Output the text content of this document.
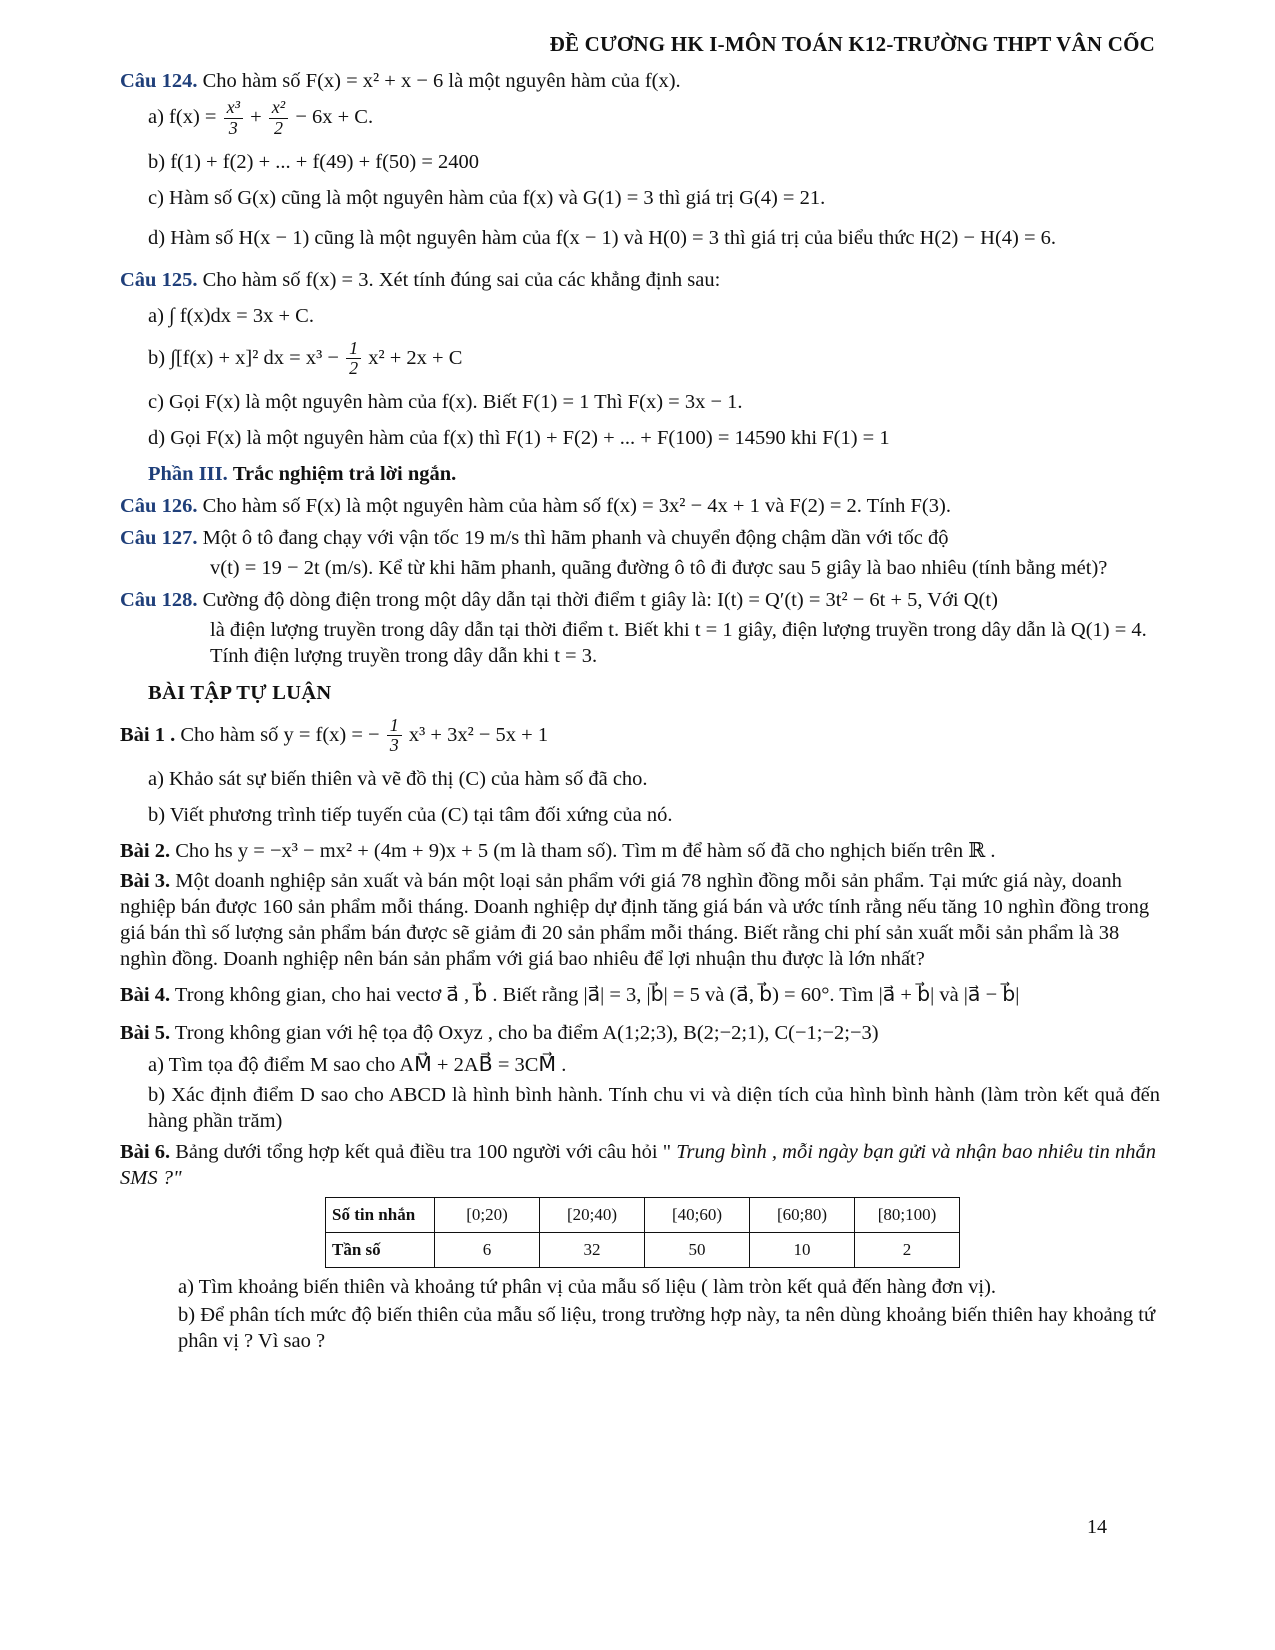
ĐỀ CƯƠNG HK I-MÔN TOÁN K12-TRƯỜNG THPT VÂN CỐC
Câu 124. Cho hàm số F(x) = x² + x − 6 là một nguyên hàm của f(x).
a) $f(x) = \frac{\text{x³}}{3} + \frac{\text{x²}}{2} - 6x + C$.
b) f(1) + f(2) + ... + f(49) + f(50) = 2400
c) Hàm số G(x) cũng là một nguyên hàm của f(x) và G(1) = 3 thì giá trị G(4) = 21.
d) Hàm số H(x − 1) cũng là một nguyên hàm của f(x − 1) và H(0) = 3 thì giá trị của biểu thức H(2) − H(4) = 6.
Câu 125. Cho hàm số f(x) = 3. Xét tính đúng sai của các khẳng định sau:
a) ∫ f(x)dx = 3x + C.
b) ∫[f(x) + x]² dx = $x^3 - \frac{1}{2} x^2 + 2x + C$
c) Gọi F(x) là một nguyên hàm của f(x). Biết F(1) = 1 Thì F(x) = 3x − 1.
d) Gọi F(x) là một nguyên hàm của f(x) thì F(1) + F(2) + ... + F(100) = 14590 khi F(1) = 1
Phần III. Trắc nghiệm trả lời ngắn.
Câu 126. Cho hàm số F(x) là một nguyên hàm của hàm số f(x) = 3x² − 4x + 1 và F(2) = 2. Tính F(3).
Câu 127. Một ô tô đang chạy với vận tốc 19 m/s thì hãm phanh và chuyển động chậm dần với tốc độ
v(t) = 19 − 2t (m/s). Kể từ khi hãm phanh, quãng đường ô tô đi được sau 5 giây là bao nhiêu (tính bằng mét)?
Câu 128. Cường độ dòng điện trong một dây dẫn tại thời điểm t giây là: I(t) = Q′(t) = 3t² − 6t + 5, Với Q(t)
là điện lượng truyền trong dây dẫn tại thời điểm t. Biết khi t = 1 giây, điện lượng truyền trong dây dẫn là Q(1) = 4. Tính điện lượng truyền trong dây dẫn khi t = 3.
BÀI TẬP TỰ LUẬN
Bài 1 . Cho hàm số y = f(x) = − $\frac{1}{3} x^3 + 3x^2 - 5x + 1$
a) Khảo sát sự biến thiên và vẽ đồ thị (C) của hàm số đã cho.
b) Viết phương trình tiếp tuyến của (C) tại tâm đối xứng của nó.
Bài 2. Cho hs y = −x³ − mx² + (4m + 9)x + 5 (m là tham số). Tìm m để hàm số đã cho nghịch biến trên ℝ .
Bài 3. Một doanh nghiệp sản xuất và bán một loại sản phẩm với giá 78 nghìn đồng mỗi sản phẩm. Tại mức giá này, doanh nghiệp bán được 160 sản phẩm mỗi tháng. Doanh nghiệp dự định tăng giá bán và ước tính rằng nếu tăng 10 nghìn đồng trong giá bán thì số lượng sản phẩm bán được sẽ giảm đi 20 sản phẩm mỗi tháng. Biết rằng chi phí sản xuất mỗi sản phẩm là 38 nghìn đồng. Doanh nghiệp nên bán sản phẩm với giá bao nhiêu để lợi nhuận thu được là lớn nhất?
Bài 4. Trong không gian, cho hai vectơ a⃗ , b⃗ . Biết rằng |a⃗| = 3, |b⃗| = 5 và (a⃗, b⃗) = 60°. Tìm |a⃗ + b⃗| và |a⃗ − b⃗|
Bài 5. Trong không gian với hệ tọa độ Oxyz , cho ba điểm A(1;2;3), B(2;−2;1), C(−1;−2;−3)
a) Tìm tọa độ điểm M sao cho AM⃗ + 2AB⃗ = 3CM⃗ .
b) Xác định điểm D sao cho ABCD là hình bình hành. Tính chu vi và diện tích của hình bình hành (làm tròn kết quả đến hàng phần trăm)
Bài 6. Bảng dưới tổng hợp kết quả điều tra 100 người với câu hỏi " Trung bình , mỗi ngày bạn gửi và nhận bao nhiêu tin nhắn SMS ?"
Số tin nhắn	[0;20)	[20;40)	[40;60)	[60;80)	[80;100)
Tần số	6	32	50	10	2
a) Tìm khoảng biến thiên và khoảng tứ phân vị của mẫu số liệu ( làm tròn kết quả đến hàng đơn vị).
b) Để phân tích mức độ biến thiên của mẫu số liệu, trong trường hợp này, ta nên dùng khoảng biến thiên hay khoảng tứ phân vị ? Vì sao ?
14
